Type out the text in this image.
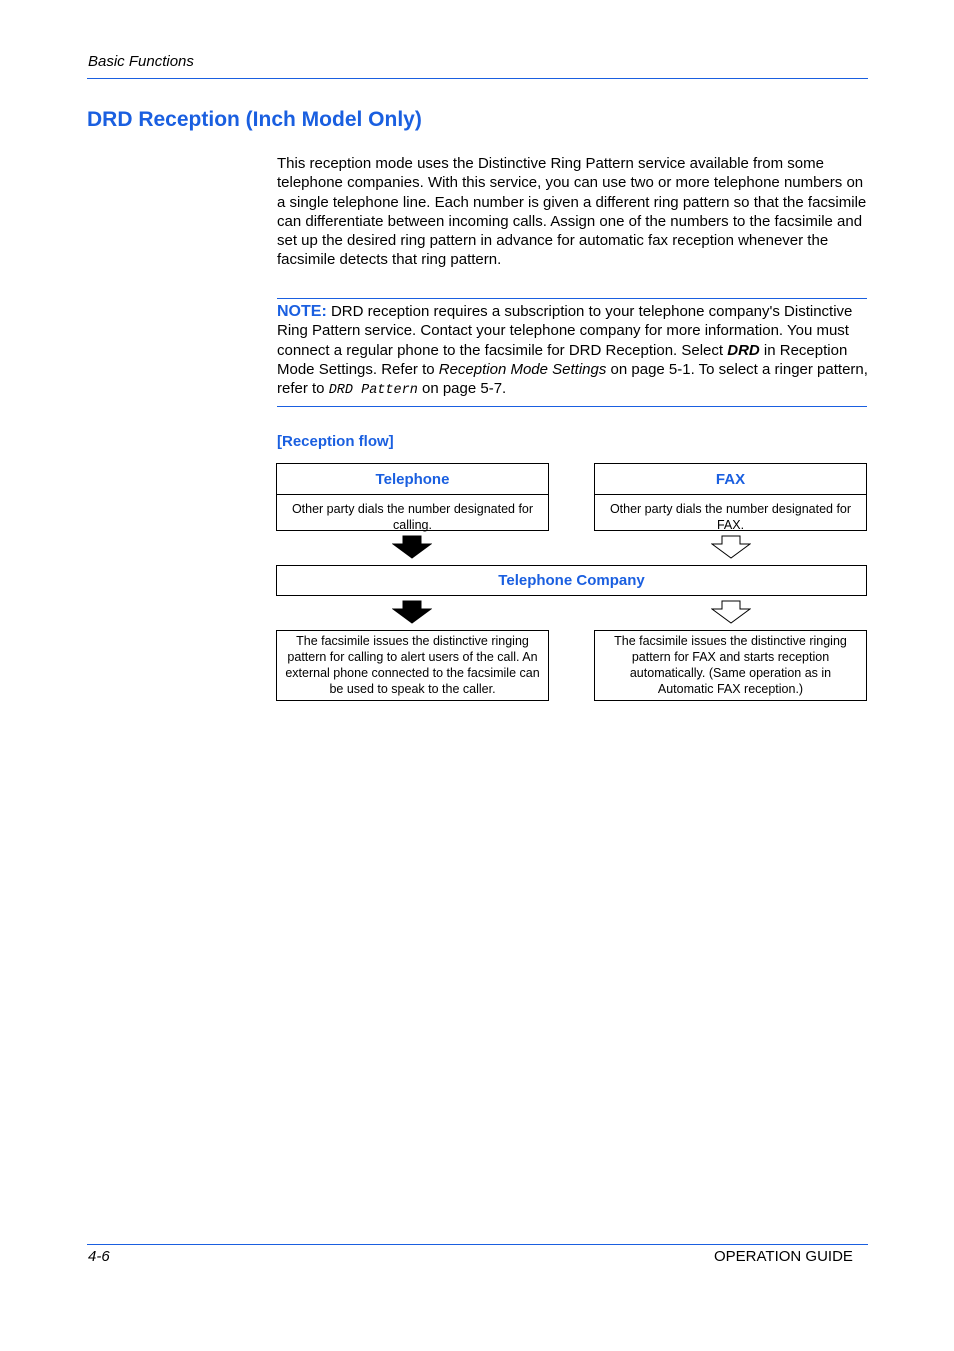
Basic Functions
DRD Reception (Inch Model Only)

This reception mode uses the Distinctive Ring Pattern service available from some telephone companies. With this service, you can use two or more telephone numbers on a single telephone line. Each number is given a different ring pattern so that the facsimile can differentiate between incoming calls. Assign one of the numbers to the facsimile and set up the desired ring pattern in advance for automatic fax reception whenever the facsimile detects that ring pattern.

NOTE: DRD reception requires a subscription to your telephone company's Distinctive Ring Pattern service. Contact your telephone company for more information. You must connect a regular phone to the facsimile for DRD Reception. Select DRD in Reception Mode Settings. Refer to Reception Mode Settings on page 5-1. To select a ringer pattern, refer to DRD Pattern on page 5-7.

[Reception flow]
Telephone
Other party dials the number designated for calling.
FAX
Other party dials the number designated for FAX.
Telephone Company
The facsimile issues the distinctive ringing pattern for calling to alert users of the call. An external phone connected to the facsimile can be used to speak to the caller.
The facsimile issues the distinctive ringing pattern for FAX and starts reception automatically. (Same operation as in Automatic FAX reception.)
4-6	OPERATION GUIDE
